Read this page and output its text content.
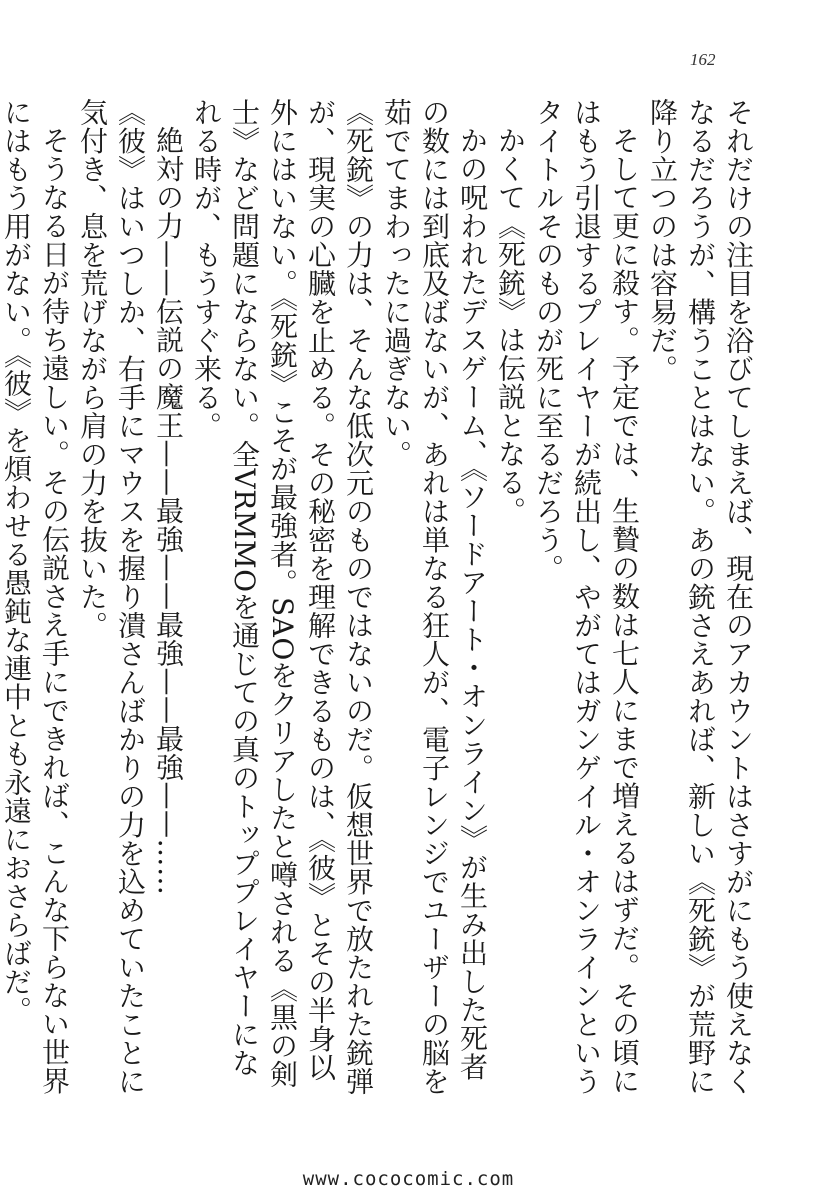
162

それだけの注目を浴びてしまえば、現在のアカウントはさすがにもう使えなくなるだろうが、構うことはない。あの銃さえあれば、新しい《死銃》が荒野に降り立つのは容易だ。

そして更に殺す。予定では、生贄の数は七人にまで増えるはずだ。その頃にはもう引退するプレイヤーが続出し、やがてはガンゲイル・オンラインというタイトルそのものが死に至るだろう。

かくて《死銃》は伝説となる。

かの呪われたデスゲーム、《ソードアート・オンライン》が生み出した死者の数には到底及ばないが、あれは単なる狂人が、電子レンジでユーザーの脳を茹でてまわったに過ぎない。

《死銃》の力は、そんな低次元のものではないのだ。仮想世界で放たれた銃弾が、現実の心臓を止める。その秘密を理解できるものは、《彼》とその半身以外にはいない。《死銃》こそが最強者。SAOをクリアしたと噂される《黒の剣士》など問題にならない。全VRMMOを通じての真のトッププレイヤーになれる時が、もうすぐ来る。

絶対の力——伝説の魔王——最強——最強——最強——……

《彼》はいつしか、右手にマウスを握り潰さんばかりの力を込めていたことに気付き、息を荒げながら肩の力を抜いた。

そうなる日が待ち遠しい。その伝説さえ手にできれば、こんな下らない世界にはもう用がない。《彼》を煩わせる愚鈍な連中とも永遠におさらばだ。

www.cococomic.com
